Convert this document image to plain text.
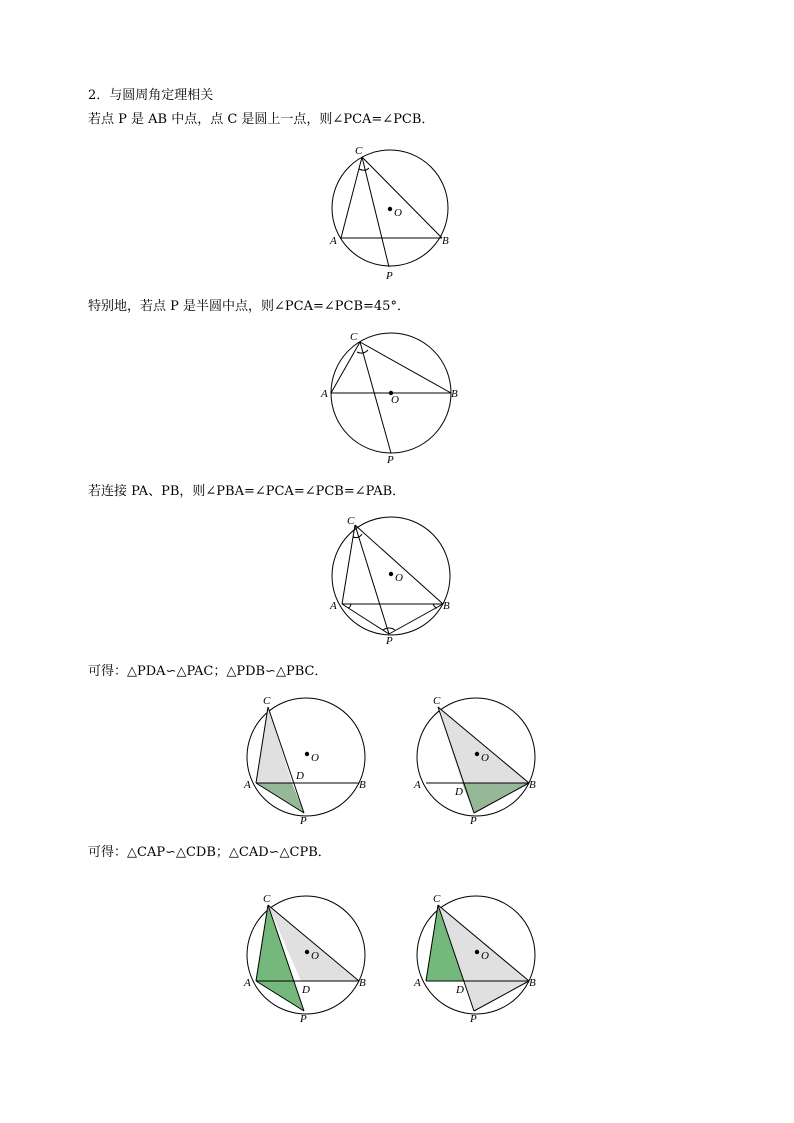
2．与圆周角定理相关
若点 P 是 AB 中点，点 C 是圆上一点，则∠PCA=∠PCB．
O
C
A	B
P
特别地，若点 P 是半圆中点，则∠PCA=∠PCB=45°．
O
C
A	B
P
若连接 PA、PB，则∠PBA=∠PCA=∠PCB=∠PAB．
O
C
A	B
P
可得：△PDA∽△PAC；△PDB∽△PBC．
O
C
A	B
D
P
O
C
A	B
D
P
可得：△CAP∽△CDB；△CAD∽△CPB．
O
C
A	B
D
P
O
C
A	B
D
P
